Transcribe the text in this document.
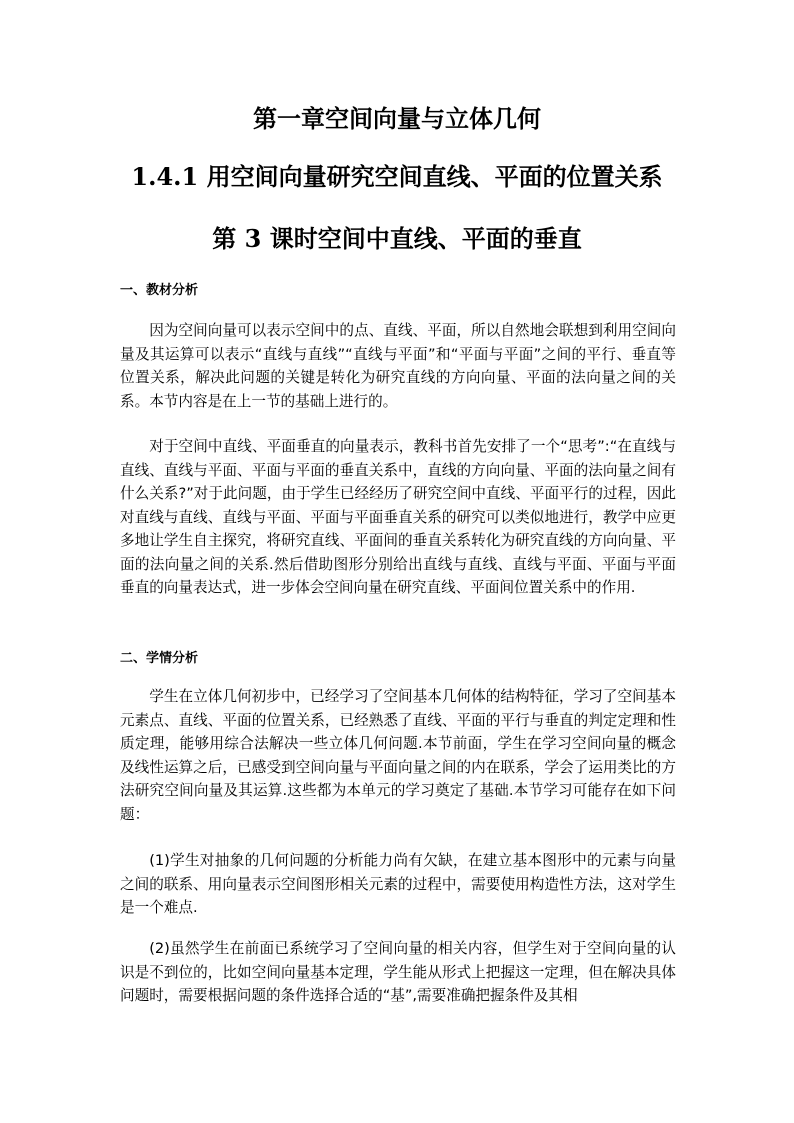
第一章空间向量与立体几何
1.4.1 用空间向量研究空间直线、平面的位置关系
第 3 课时空间中直线、平面的垂直
一、教材分析

因为空间向量可以表示空间中的点、直线、平面，所以自然地会联想到利用空间向量及其运算可以表示“直线与直线”“直线与平面”和“平面与平面”之间的平行、垂直等位置关系，解决此问题的关键是转化为研究直线的方向向量、平面的法向量之间的关系。本节内容是在上一节的基础上进行的。

对于空间中直线、平面垂直的向量表示，教科书首先安排了一个“思考”:“在直线与直线、直线与平面、平面与平面的垂直关系中，直线的方向向量、平面的法向量之间有什么关系?”对于此问题，由于学生已经经历了研究空间中直线、平面平行的过程，因此对直线与直线、直线与平面、平面与平面垂直关系的研究可以类似地进行，教学中应更多地让学生自主探究，将研究直线、平面间的垂直关系转化为研究直线的方向向量、平面的法向量之间的关系.然后借助图形分别给出直线与直线、直线与平面、平面与平面垂直的向量表达式，进一步体会空间向量在研究直线、平面间位置关系中的作用.

二、学情分析

学生在立体几何初步中，已经学习了空间基本几何体的结构特征，学习了空间基本元素点、直线、平面的位置关系，已经熟悉了直线、平面的平行与垂直的判定定理和性质定理，能够用综合法解决一些立体几何问题.本节前面，学生在学习空间向量的概念及线性运算之后，已感受到空间向量与平面向量之间的内在联系，学会了运用类比的方法研究空间向量及其运算.这些都为本单元的学习奠定了基础.本节学习可能存在如下问题：

(1)学生对抽象的几何问题的分析能力尚有欠缺，在建立基本图形中的元素与向量之间的联系、用向量表示空间图形相关元素的过程中，需要使用构造性方法，这对学生是一个难点.

(2)虽然学生在前面已系统学习了空间向量的相关内容，但学生对于空间向量的认识是不到位的，比如空间向量基本定理，学生能从形式上把握这一定理，但在解决具体问题时，需要根据问题的条件选择合适的“基”,需要准确把握条件及其相
